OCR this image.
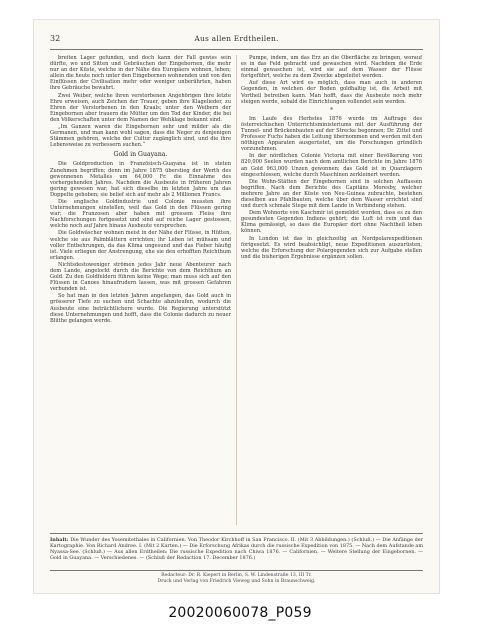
32	Aus allen Erdtheilen.

breiten Lager gefunden, und doch kann der Fall gewiss sein dürfte, wo und Sitten und Gebräuchen der Eingebornen, die mehr nur an der Küste, welche in der Nähe des Europäers wohnen, leben; allein die heute noch unter den Eingebornen wohnenden und von den Einflüssen der Civilisation mehr oder weniger unberührten, haben ihre Gebräuche bewahrt.

Zwei Weiber, welche ihren verstorbenen Angehörigen ihre letzte Ehre erweisen, auch Zeichen der Trauer, geben ihre Klagelieder, zu Ehren der Verstorbenen in den Kraals; unter den Weibern der Eingebornen aber trauern die Mütter um den Tod der Kinder, die bei den Völkerschaften unter dem Namen der Wehklage bekannt sind.

„Im Ganzen waren die Eingebornen sehr und milder als die Germanen, und man kann wohl sagen, dass die Neger zu denjenigen Stämmen gehören, welche der Cultur zugänglich sind, und die ihre Lebensweise zu verbessern suchen.“

Gold in Guayana.

Die Goldproduction in Französisch-Guayana ist in steten Zunehmen begriffen; denn im Jahre 1875 überstieg der Werth des gewonnenen Metalles um 64,000 Fr. die Einnahme des vorhergehenden Jahres. Nachdem die Ausbeute in früheren Jahren gering gewesen war, hat sich dieselbe im letzten Jahre um das Doppelte gehoben; sie belief sich auf mehr als 2 Millionen Francs.

Die englische Goldindustrie und Colonie mussten ihre Unternehmungen einstellen, weil das Gold in den Flüssen gering war; die Franzosen aber haben mit grossem Fleiss ihre Nachforschungen fortgesetzt und sind auf reiche Lager gestossen, welche noch auf Jahre hinaus Ausbeute versprechen.

Die Goldwäscher wohnen meist in der Nähe der Flüsse, in Hütten, welche sie aus Palmblättern errichten; ihr Leben ist mühsam und voller Entbehrungen, da das Klima ungesund und das Fieber häufig ist. Viele erliegen der Anstrengung, ehe sie den erhofften Reichthum erlangen.

Nichtsdestoweniger strömen jedes Jahr neue Abenteurer nach dem Lande, angelockt durch die Berichte von dem Reichthum an Gold. Zu den Goldfeldern führen keine Wege; man muss sich auf den Flüssen in Canoes hinaufrudern lassen, was mit grossen Gefahren verbunden ist.

So hat man in den letzten Jahren angefangen, das Gold auch in grösserer Tiefe zu suchen und Schachte abzuteufen, wodurch die Ausbeute eine beträchtlichere wurde. Die Regierung unterstützt diese Unternehmungen und hofft, dass die Colonie dadurch zu neuer Blüthe gelangen werde.

Pumpe, indem, um das Erz an die Oberfläche zu bringen, worauf es in das Feld gebracht und gewaschen wird. Nachdem die Erde einmal gewaschen ist, wird sie auf dem Wasser der Flüsse fortgeführt, welche zu dem Zwecke abgeleitet werden.

Auf diese Art wird es möglich, dass man auch in anderen Gegenden, in welchen der Boden goldhaltig ist, die Arbeit mit Vortheil betreiben kann. Man hofft, dass die Ausbeute noch mehr steigen werde, sobald die Einrichtungen vollendet sein werden.

*

Im Laufe des Herbstes 1876 wurde im Auftrage des österreichischen Unterrichtsministeriums mit der Ausführung der Tunnel- und Brückenbauten auf der Strecke begonnen; Dr. Zittel und Professor Fuchs haben die Leitung übernommen und werden mit den nöthigen Apparaten ausgerüstet, um die Forschungen gründlich vorzunehmen.

In der nördlichen Colonie Victoria mit einer Bevölkerung von 820,000 Seelen wurden nach dem amtlichen Berichte im Jahre 1876 an Gold 963,000 Unzen gewonnen; das Gold ist in Quarzlagern eingeschlossen, welche durch Maschinen zerkleinert werden.

Die Wohn-Stätten der Eingebornen sind in solchen Auffassen begriffen. Nach dem Berichte des Capitäns Moresby, welcher mehrere Jahre an der Küste von Neu-Guinea zubrachte, bestehen dieselben aus Pfahlbauten, welche über dem Wasser errichtet sind und durch schmale Stege mit dem Lande in Verbindung stehen.

Dem Wohnorte von Kaschmir ist gemeldet worden, dass es zu den gesundesten Gegenden Indiens gehört; die Luft ist rein und das Klima gemässigt, so dass die Europäer dort ohne Nachtheil leben können.

In London ist das in gleichzeitig an Nordpolarexpeditionen fortgesetzt. Es wird beabsichtigt, neue Expeditionen auszurüsten, welche die Erforschung der Polargegenden sich zur Aufgabe stellen und die bisherigen Ergebnisse ergänzen sollen.

Inhalt: Die Wunder des Yosemitethales in Californien. Von Theodor Kirchhoff in San Francisco. II. (Mit 3 Abbildungen.) (Schluß.) — Die Anfänge der Kartographie. Von Richard Andree. I. (Mit 2 Karten.) — Die Erforschung Afrikas durch die russische Expedition von 1875. — Nach dem Aufstande am Nyassa-See. (Schluß.) — Aus allen Erdtheilen: Die russische Expedition nach Chiwa 1876. — Californien. — Weitere Stellung der Eingebornen. — Gold in Guayana. — Verschiedenes. — (Schluß der Redaction 17. December 1876.)
Redacteur: Dr. R. Kiepert in Berlin, S. W. Lindenstraße 13, III Tr.
Druck und Verlag von Friedrich Vieweg und Sohn in Braunschweig.
20020060078_P059
